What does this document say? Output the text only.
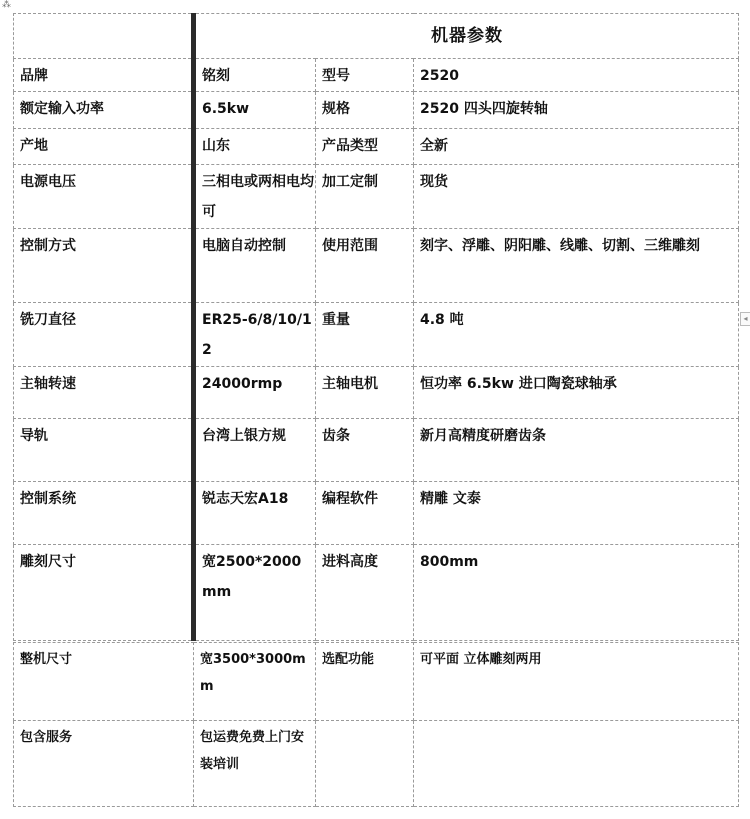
⁂
◂
	机器参数		
品牌	铭刻	型号	2520
额定输入功率	6.5kw	规格	2520 四头四旋转轴
产地	山东	产品类型	全新
电源电压	三相电或两相电均可	加工定制	现货
控制方式	电脑自动控制	使用范围	刻字、浮雕、阴阳雕、线雕、切割、三维雕刻
铣刀直径	ER25-6/8/10/12	重量	4.8 吨
主轴转速	24000rmp	主轴电机	恒功率 6.5kw 进口陶瓷球轴承
导轨	台湾上银方规	齿条	新月高精度研磨齿条
控制系统	锐志天宏A18	编程软件	精雕 文泰
雕刻尺寸	宽2500*2000mm	进料高度	800mm
整机尺寸	宽3500*3000mm	选配功能	可平面 立体雕刻两用
包含服务	包运费免费上门安装培训		
